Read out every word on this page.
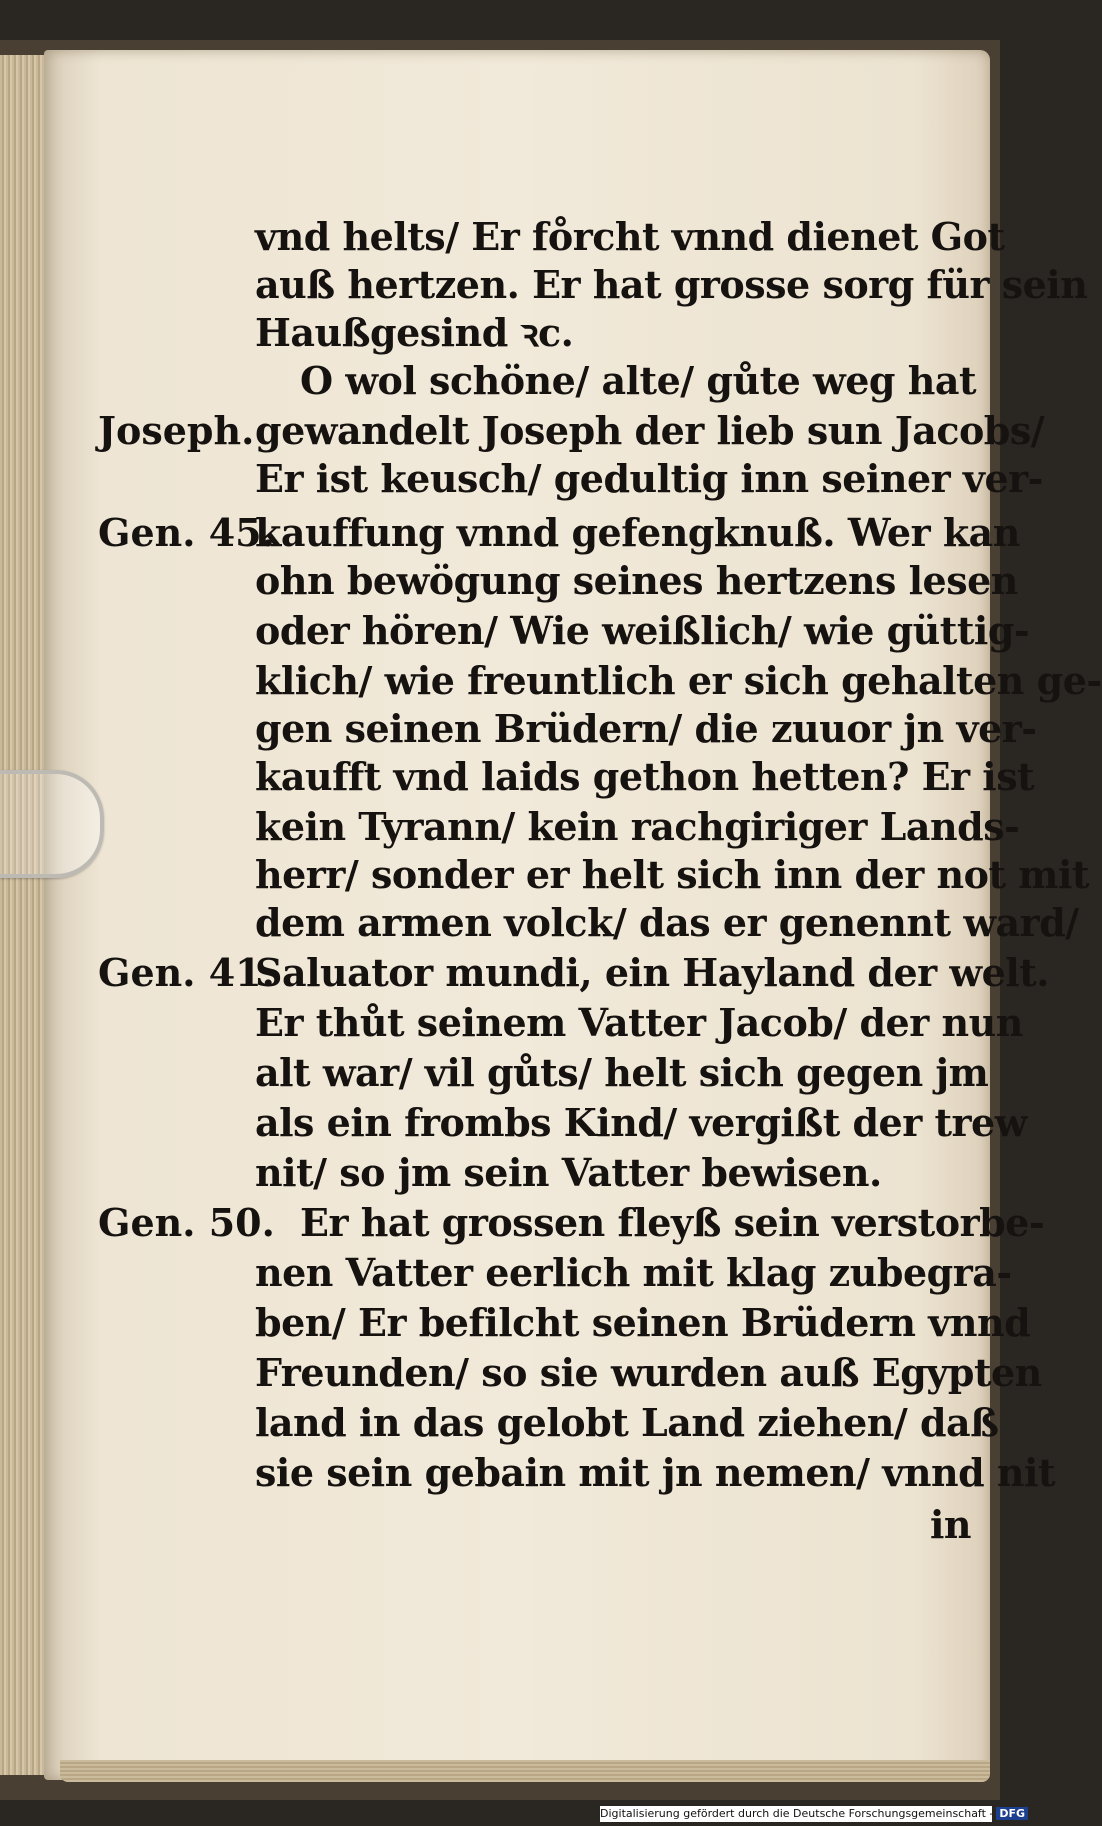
vnd helts/ Er fo̊rcht vnnd dienet Got
auß hertzen. Er hat grosse sorg für sein
Haußgesind ꝛc.
O wol schöne/ alte/ gůte weg hat
gewandelt Joseph der lieb sun Jacobs/
Er ist keusch/ gedultig inn seiner ver-
kauffung vnnd gefengknuß. Wer kan
ohn bewögung seines hertzens lesen
oder hören/ Wie weißlich/ wie güttig-
klich/ wie freuntlich er sich gehalten ge-
gen seinen Brüdern/ die zuuor jn ver-
kaufft vnd laids gethon hetten? Er ist
kein Tyrann/ kein rachgiriger Lands-
herr/ sonder er helt sich inn der not mit
dem armen volck/ das er genennt ward/
Saluator mundi, ein Hayland der welt.
Er thůt seinem Vatter Jacob/ der nun
alt war/ vil gůts/ helt sich gegen jm
als ein frombs Kind/ vergißt der trew
nit/ so jm sein Vatter bewisen.
Er hat grossen fleyß sein verstorbe-
nen Vatter eerlich mit klag zubegra-
ben/ Er befilcht seinen Brüdern vnnd
Freunden/ so sie wurden auß Egypten
land in das gelobt Land ziehen/ daß
sie sein gebain mit jn nemen/ vnnd nit
in
Joseph.
Gen. 45.
Gen. 41.
Gen. 50.
Digitalisierung gefördert durch die Deutsche Forschungsgemeinschaft - DFG
